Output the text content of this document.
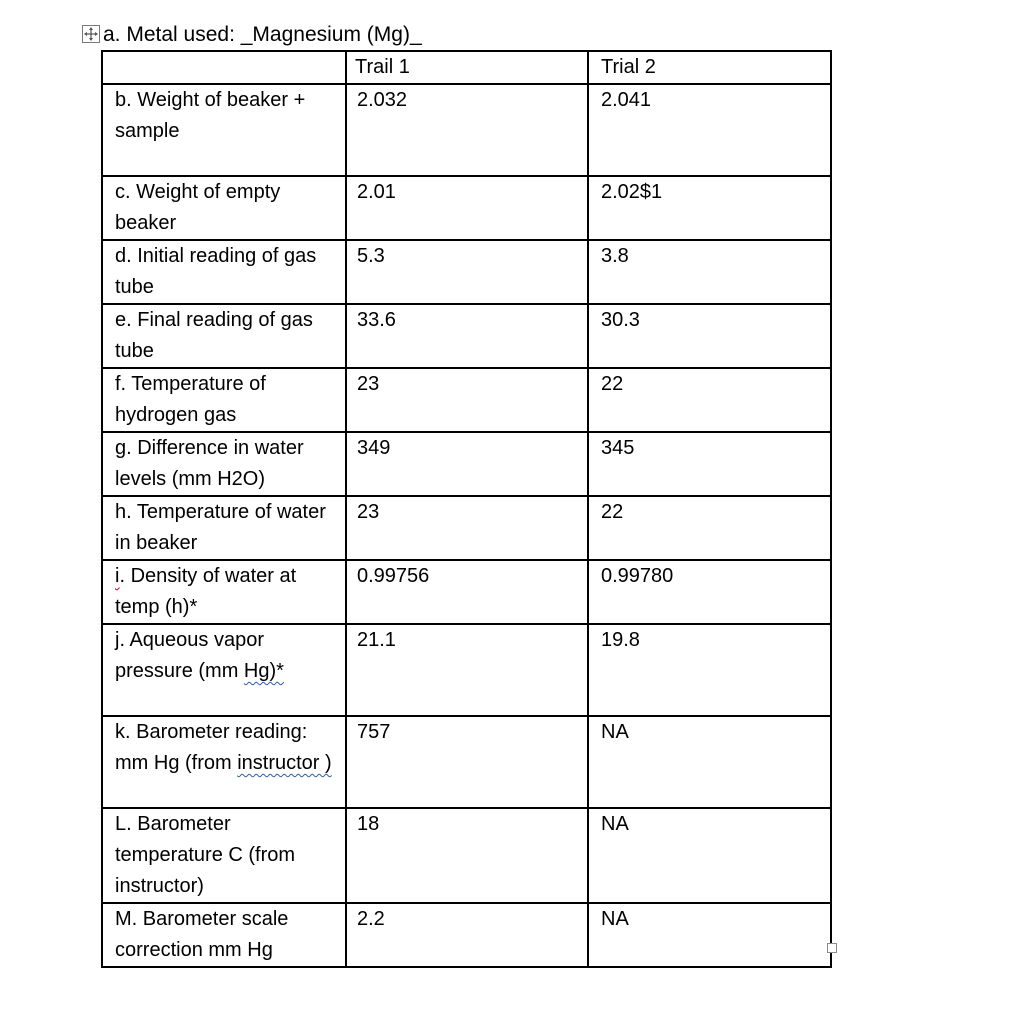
a. Metal used: _Magnesium (Mg)_
	Trail 1	Trial 2
b. Weight of beaker + sample	2.032	2.041
c. Weight of empty beaker	2.01	2.02$1
d. Initial reading of gas tube	5.3	3.8
e. Final reading of gas tube	33.6	30.3
f. Temperature of hydrogen gas	23	22
g. Difference in water levels (mm H2O)	349	345
h. Temperature of water in beaker	23	22
i. Density of water at temp (h)*	0.99756	0.99780
j. Aqueous vapor pressure (mm Hg)*	21.1	19.8
k. Barometer reading: mm Hg (from instructor )	757	NA
L. Barometer temperature C (from instructor)	18	NA
M. Barometer scale correction mm Hg	2.2	NA
